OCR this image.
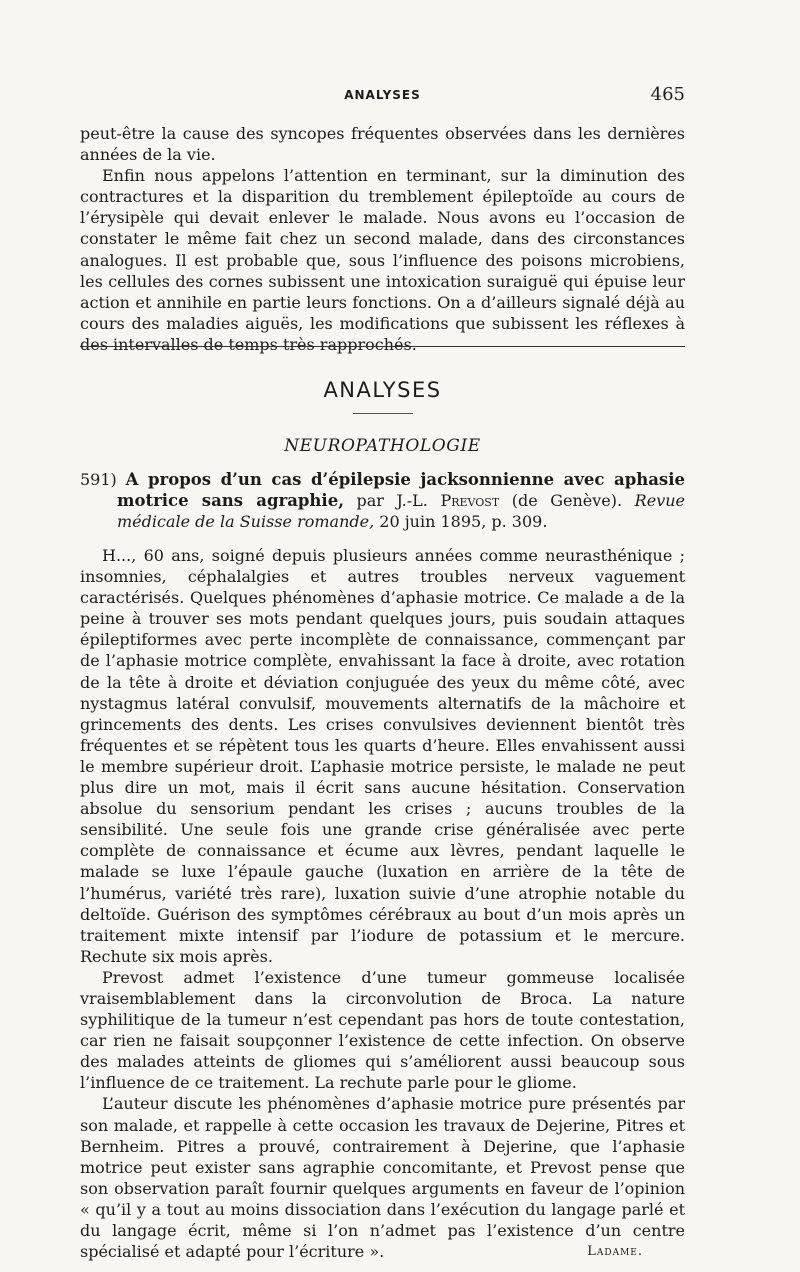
ANALYSES	465

peut-être la cause des syncopes fréquentes observées dans les dernières années de la vie.

Enfin nous appelons l’attention en terminant, sur la diminution des contractures et la disparition du tremblement épileptoïde au cours de l’érysipèle qui devait enlever le malade. Nous avons eu l’occasion de constater le même fait chez un second malade, dans des circonstances analogues. Il est probable que, sous l’influence des poisons microbiens, les cellules des cornes subissent une intoxication suraiguë qui épuise leur action et annihile en partie leurs fonctions. On a d’ailleurs signalé déjà au cours des maladies aiguës, les modifications que subissent les réflexes à des intervalles de temps très rapprochés.

ANALYSES
NEUROPATHOLOGIE
591) A propos d’un cas d’épilepsie jacksonnienne avec aphasie motrice sans agraphie, par J.-L. Prevost (de Genève). Revue médicale de la Suisse romande, 20 juin 1895, p. 309.

H..., 60 ans, soigné depuis plusieurs années comme neurasthénique ; insomnies, céphalalgies et autres troubles nerveux vaguement caractérisés. Quelques phénomènes d’aphasie motrice. Ce malade a de la peine à trouver ses mots pendant quelques jours, puis soudain attaques épileptiformes avec perte incomplète de connaissance, commençant par de l’aphasie motrice complète, envahissant la face à droite, avec rotation de la tête à droite et déviation conjuguée des yeux du même côté, avec nystagmus latéral convulsif, mouvements alternatifs de la mâchoire et grincements des dents. Les crises convulsives deviennent bientôt très fréquentes et se répètent tous les quarts d’heure. Elles envahissent aussi le membre supérieur droit. L’aphasie motrice persiste, le malade ne peut plus dire un mot, mais il écrit sans aucune hésitation. Conservation absolue du sensorium pendant les crises ; aucuns troubles de la sensibilité. Une seule fois une grande crise généralisée avec perte complète de connaissance et écume aux lèvres, pendant laquelle le malade se luxe l’épaule gauche (luxation en arrière de la tête de l’humérus, variété très rare), luxation suivie d’une atrophie notable du deltoïde. Guérison des symptômes cérébraux au bout d’un mois après un traitement mixte intensif par l’iodure de potassium et le mercure. Rechute six mois après.

Prevost admet l’existence d’une tumeur gommeuse localisée vraisemblablement dans la circonvolution de Broca. La nature syphilitique de la tumeur n’est cependant pas hors de toute contestation, car rien ne faisait soupçonner l’existence de cette infection. On observe des malades atteints de gliomes qui s’améliorent aussi beaucoup sous l’influence de ce traitement. La rechute parle pour le gliome.

L’auteur discute les phénomènes d’aphasie motrice pure présentés par son malade, et rappelle à cette occasion les travaux de Dejerine, Pitres et Bernheim. Pitres a prouvé, contrairement à Dejerine, que l’aphasie motrice peut exister sans agraphie concomitante, et Prevost pense que son observation paraît fournir quelques arguments en faveur de l’opinion « qu’il y a tout au moins dissociation dans l’exécution du langage parlé et du langage écrit, même si l’on n’admet pas l’existence d’un centre spécialisé et adapté pour l’écriture ».	Ladame.
